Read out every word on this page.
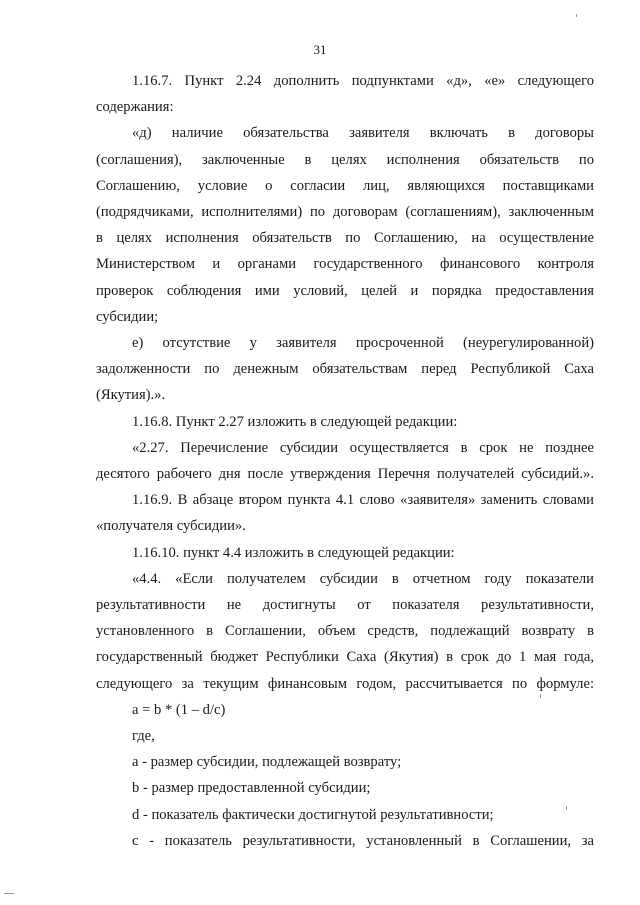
31

1.16.7. Пункт 2.24 дополнить подпунктами «д», «е» следующего

содержания:

«д) наличие обязательства заявителя включать в договоры

(соглашения), заключенные в целях исполнения обязательств по

Соглашению, условие о согласии лиц, являющихся поставщиками

(подрядчиками, исполнителями) по договорам (соглашениям), заключенным

в целях исполнения обязательств по Соглашению, на осуществление

Министерством и органами государственного финансового контроля

проверок соблюдения ими условий, целей и порядка предоставления

субсидии;

е) отсутствие у заявителя просроченной (неурегулированной)

задолженности по денежным обязательствам перед Республикой Саха

(Якутия).».

1.16.8. Пункт 2.27 изложить в следующей редакции:

«2.27. Перечисление субсидии осуществляется в срок не позднее

десятого рабочего дня после утверждения Перечня получателей субсидий.».

1.16.9. В абзаце втором пункта 4.1 слово «заявителя» заменить словами

«получателя субсидии».

1.16.10. пункт 4.4 изложить в следующей редакции:

«4.4. «Если получателем субсидии в отчетном году показатели

результативности не достигнуты от показателя результативности,

установленного в Соглашении, объем средств, подлежащий возврату в

государственный бюджет Республики Саха (Якутия) в срок до 1 мая года,

следующего за текущим финансовым годом, рассчитывается по формуле:

a = b * (1 – d/c)

где,

a - размер субсидии, подлежащей возврату;

b - размер предоставленной субсидии;

d - показатель фактически достигнутой результативности;

c - показатель результативности, установленный в Соглашении, за
